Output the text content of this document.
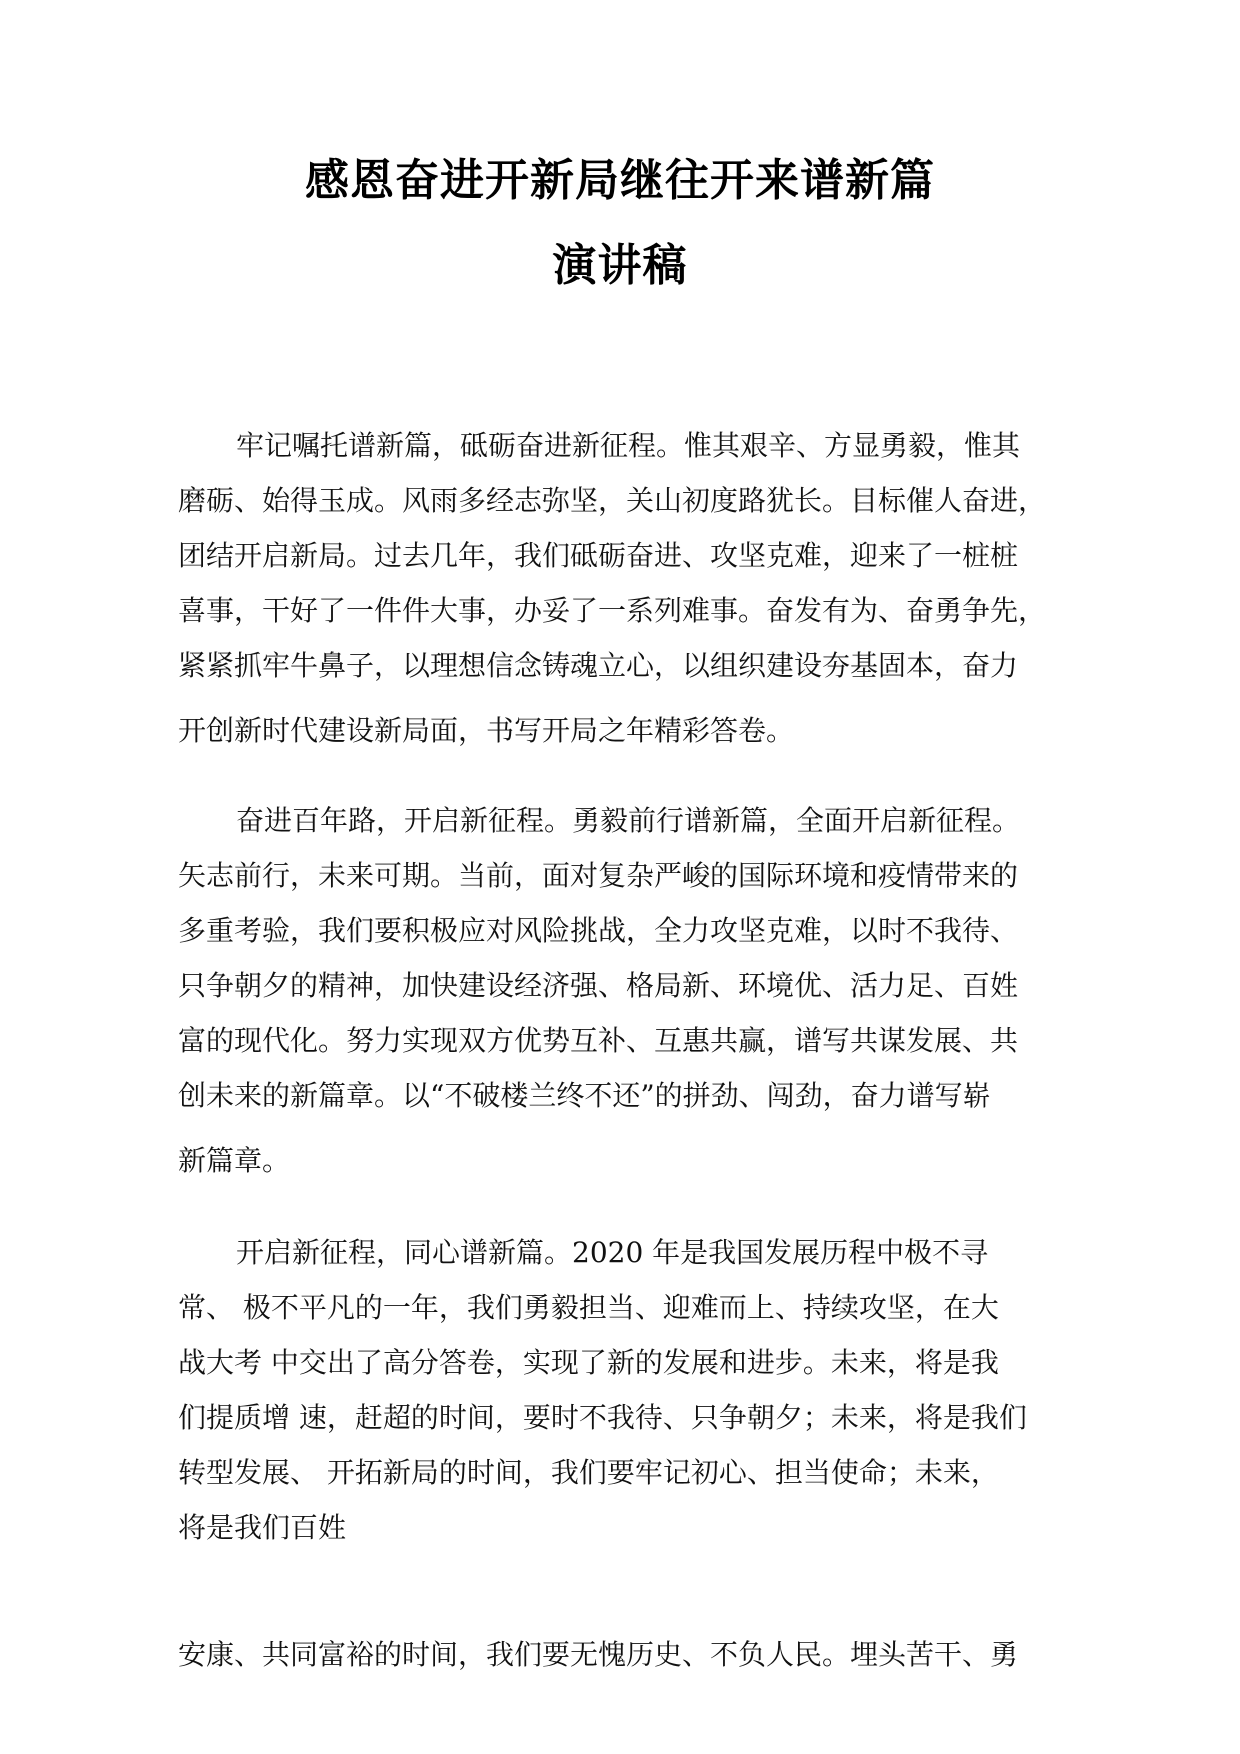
感恩奋进开新局继往开来谱新篇
演讲稿

牢记嘱托谱新篇，砥砺奋进新征程。惟其艰辛、方显勇毅，惟其
磨砺、始得玉成。风雨多经志弥坚，关山初度路犹长。目标催人奋进，
团结开启新局。过去几年，我们砥砺奋进、攻坚克难，迎来了一桩桩
喜事，干好了一件件大事，办妥了一系列难事。奋发有为、奋勇争先，
紧紧抓牢牛鼻子，以理想信念铸魂立心，以组织建设夯基固本，奋力
开创新时代建设新局面，书写开局之年精彩答卷。

奋进百年路，开启新征程。勇毅前行谱新篇，全面开启新征程。
矢志前行，未来可期。当前，面对复杂严峻的国际环境和疫情带来的
多重考验，我们要积极应对风险挑战，全力攻坚克难，以时不我待、
只争朝夕的精神，加快建设经济强、格局新、环境优、活力足、百姓
富的现代化。努力实现双方优势互补、互惠共赢，谱写共谋发展、共
创未来的新篇章。以“不破楼兰终不还”的拼劲、闯劲，奋力谱写崭
新篇章。

开启新征程，同心谱新篇。2020 年是我国发展历程中极不寻
常、 极不平凡的一年，我们勇毅担当、迎难而上、持续攻坚，在大
战大考 中交出了高分答卷，实现了新的发展和进步。未来，将是我
们提质增 速，赶超的时间，要时不我待、只争朝夕；未来，将是我们
转型发展、 开拓新局的时间，我们要牢记初心、担当使命；未来，
将是我们百姓

安康、共同富裕的时间，我们要无愧历史、不负人民。埋头苦干、勇
